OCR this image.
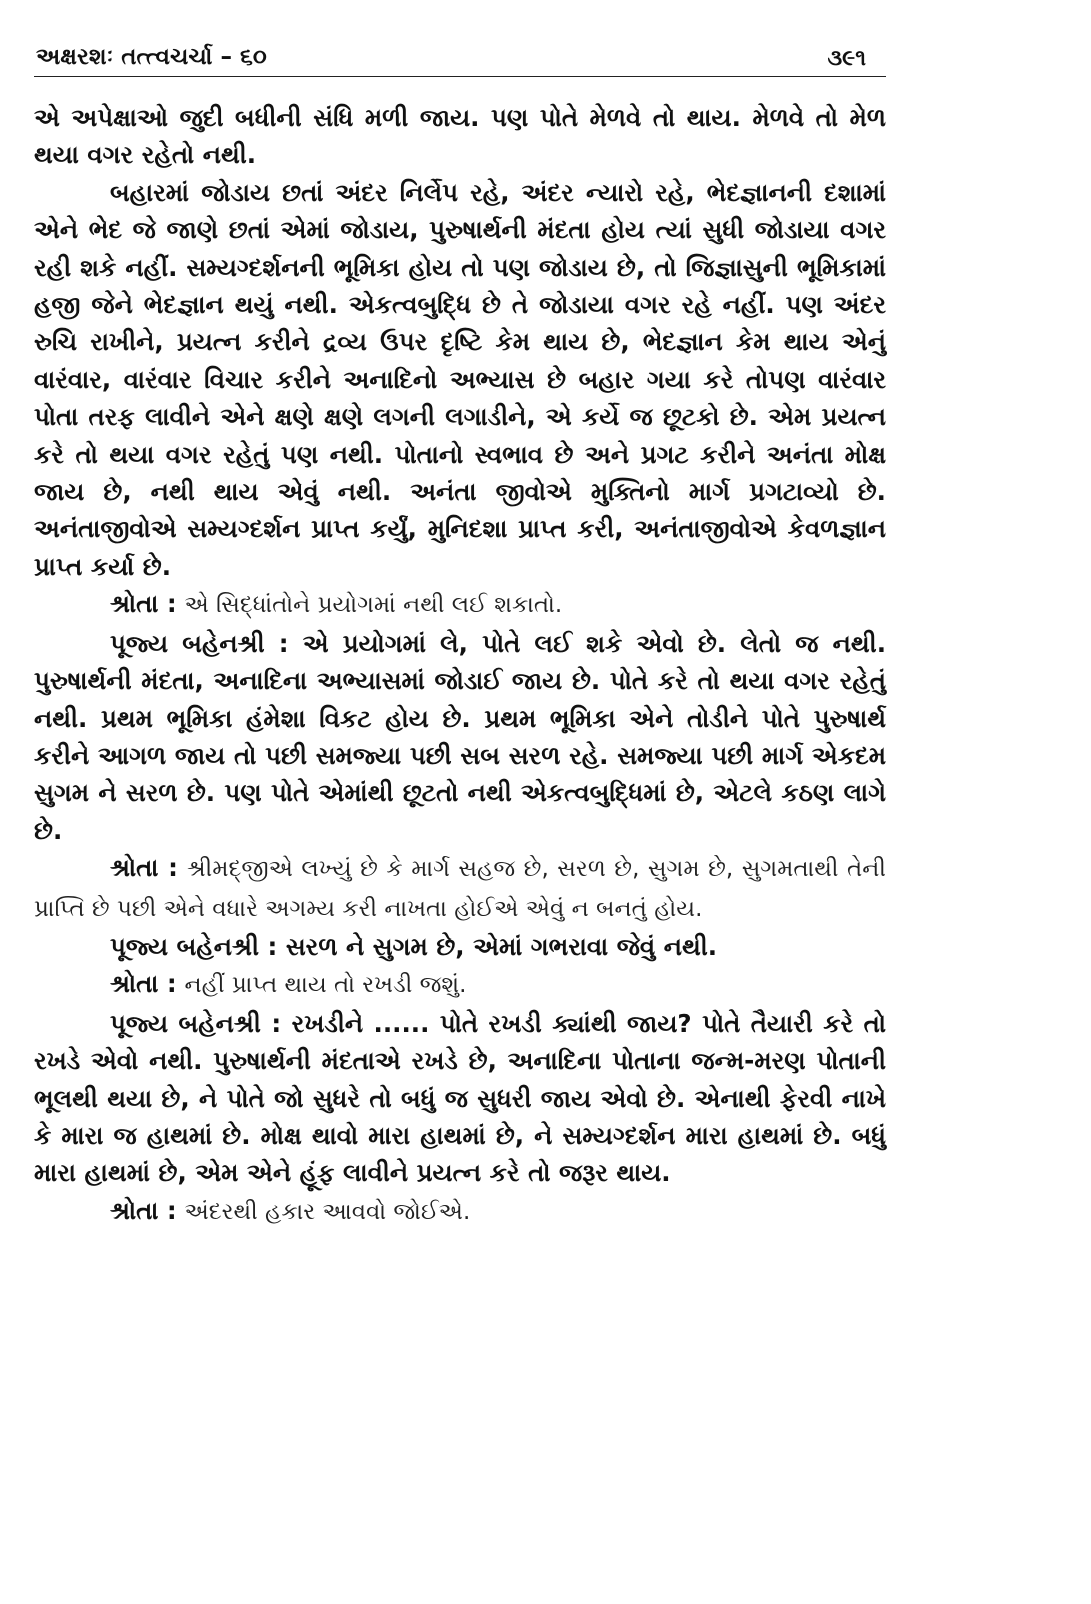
અક્ષરશઃ તત્ત્વચર્ચા – ૬૦	૩૯૧

એ અપેક્ષાઓ જુદી બધીની સંધિ મળી જાય. પણ પોતે મેળવે તો થાય. મેળવે તો મેળ થયા વગર રહેતો નથી.

બહારમાં જોડાય છતાં અંદર નિર્લેપ રહે, અંદર ન્યારો રહે, ભેદજ્ઞાનની દશામાં એને ભેદ જે જાણે છતાં એમાં જોડાય, પુરુષાર્થની મંદતા હોય ત્યાં સુધી જોડાયા વગર રહી શકે નહીં. સમ્યગ્દર્શનની ભૂમિકા હોય તો પણ જોડાય છે, તો જિજ્ઞાસુની ભૂમિકામાં હજી જેને ભેદજ્ઞાન થયું નથી. એકત્વબુદ્ધિ છે તે જોડાયા વગર રહે નહીં. પણ અંદર રુચિ રાખીને, પ્રયત્ન કરીને દ્રવ્ય ઉપર દૃષ્ટિ કેમ થાય છે, ભેદજ્ઞાન કેમ થાય એનું વારંવાર, વારંવાર વિચાર કરીને અનાદિનો અભ્યાસ છે બહાર ગયા કરે તોપણ વારંવાર પોતા તરફ લાવીને એને ક્ષણે ક્ષણે લગની લગાડીને, એ કર્યે જ છૂટકો છે. એમ પ્રયત્ન કરે તો થયા વગર રહેતું પણ નથી. પોતાનો સ્વભાવ છે અને પ્રગટ કરીને અનંતા મોક્ષ જાય છે, નથી થાય એવું નથી. અનંતા જીવોએ મુક્તિનો માર્ગ પ્રગટાવ્યો છે. અનંતાજીવોએ સમ્યગ્દર્શન પ્રાપ્ત કર્યું, મુનિદશા પ્રાપ્ત કરી, અનંતાજીવોએ કેવળજ્ઞાન પ્રાપ્ત કર્યા છે.

શ્રોતા : એ સિદ્ધાંતોને પ્રયોગમાં નથી લઈ શકાતો.

પૂજ્ય બહેનશ્રી : એ પ્રયોગમાં લે, પોતે લઈ શકે એવો છે. લેતો જ નથી. પુરુષાર્થની મંદતા, અનાદિના અભ્યાસમાં જોડાઈ જાય છે. પોતે કરે તો થયા વગર રહેતું નથી. પ્રથમ ભૂમિકા હંમેશા વિકટ હોય છે. પ્રથમ ભૂમિકા એને તોડીને પોતે પુરુષાર્થ કરીને આગળ જાય તો પછી સમજ્યા પછી સબ સરળ રહે. સમજ્યા પછી માર્ગ એકદમ સુગમ ને સરળ છે. પણ પોતે એમાંથી છૂટતો નથી એકત્વબુદ્ધિમાં છે, એટલે કઠણ લાગે છે.

શ્રોતા : શ્રીમદ્જીએ લખ્યું છે કે માર્ગ સહજ છે, સરળ છે, સુગમ છે, સુગમતાથી તેની પ્રાપ્તિ છે પછી એને વધારે અગમ્ય કરી નાખતા હોઈએ એવું ન બનતું હોય.

પૂજ્ય બહેનશ્રી : સરળ ને સુગમ છે, એમાં ગભરાવા જેવું નથી.

શ્રોતા : નહીં પ્રાપ્ત થાય તો રખડી જશું.

પૂજ્ય બહેનશ્રી : રખડીને ...... પોતે રખડી ક્યાંથી જાય? પોતે તૈયારી કરે તો રખડે એવો નથી. પુરુષાર્થની મંદતાએ રખડે છે, અનાદિના પોતાના જન્મ-મરણ પોતાની ભૂલથી થયા છે, ને પોતે જો સુધરે તો બધું જ સુધરી જાય એવો છે. એનાથી ફેરવી નાખે કે મારા જ હાથમાં છે. મોક્ષ થાવો મારા હાથમાં છે, ને સમ્યગ્દર્શન મારા હાથમાં છે. બધું મારા હાથમાં છે, એમ એને હૂંફ લાવીને પ્રયત્ન કરે તો જરૂર થાય.

શ્રોતા : અંદરથી હકાર આવવો જોઈએ.
